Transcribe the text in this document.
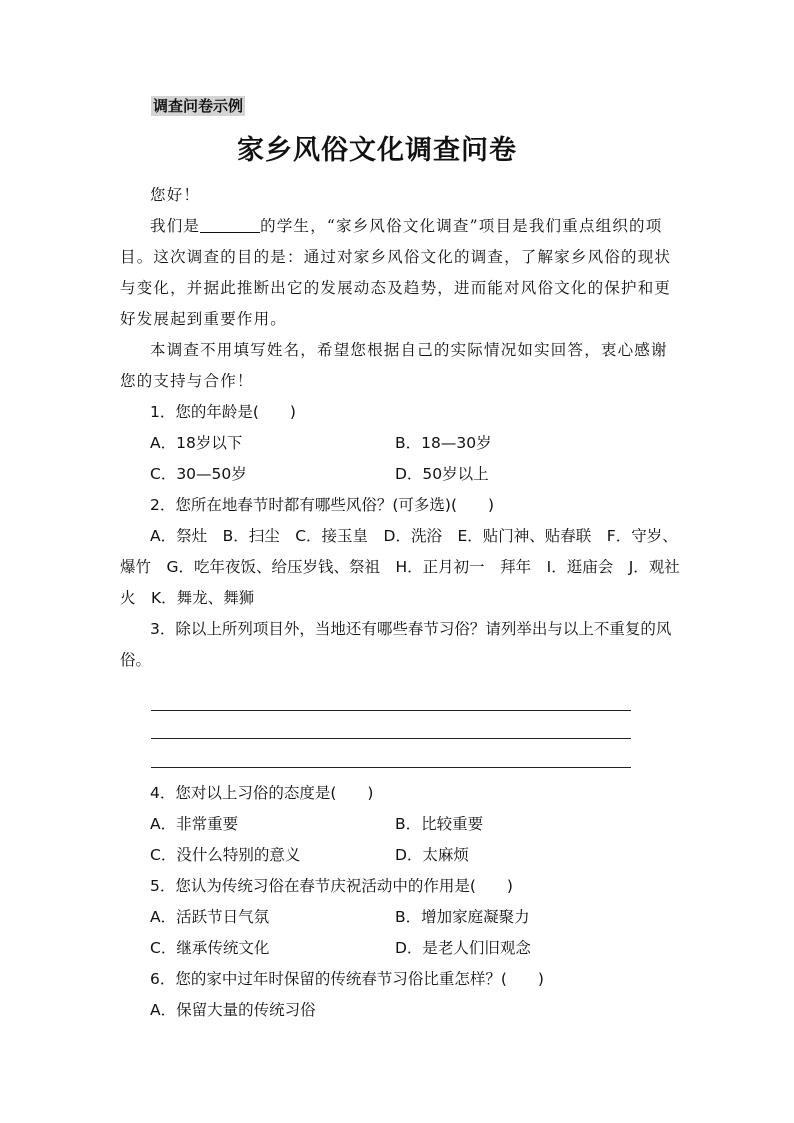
调查问卷示例
家乡风俗文化调查问卷

您好！

我们是	的学生，“家乡风俗文化调查”项目是我们重点组织的项目。这次调查的目的是：通过对家乡风俗文化的调查，了解家乡风俗的现状与变化，并据此推断出它的发展动态及趋势，进而能对风俗文化的保护和更好发展起到重要作用。

本调查不用填写姓名，希望您根据自己的实际情况如实回答，衷心感谢您的支持与合作！

1．您的年龄是(　　)

A．18岁以下	B．18—30岁
C．30—50岁	D．50岁以上

2．您所在地春节时都有哪些风俗？(可多选)(　　)

A．祭灶　B．扫尘　C．接玉皇　D．洗浴　E．贴门神、贴春联　F．守岁、爆竹　G．吃年夜饭、给压岁钱、祭祖　H．正月初一　拜年　I．逛庙会　J．观社火　K．舞龙、舞狮

3．除以上所列项目外，当地还有哪些春节习俗？请列举出与以上不重复的风俗。

4．您对以上习俗的态度是(　　)

A．非常重要	B．比较重要
C．没什么特别的意义	D．太麻烦

5．您认为传统习俗在春节庆祝活动中的作用是(　　)

A．活跃节日气氛	B．增加家庭凝聚力
C．继承传统文化	D．是老人们旧观念

6．您的家中过年时保留的传统春节习俗比重怎样？(　　)

A．保留大量的传统习俗
